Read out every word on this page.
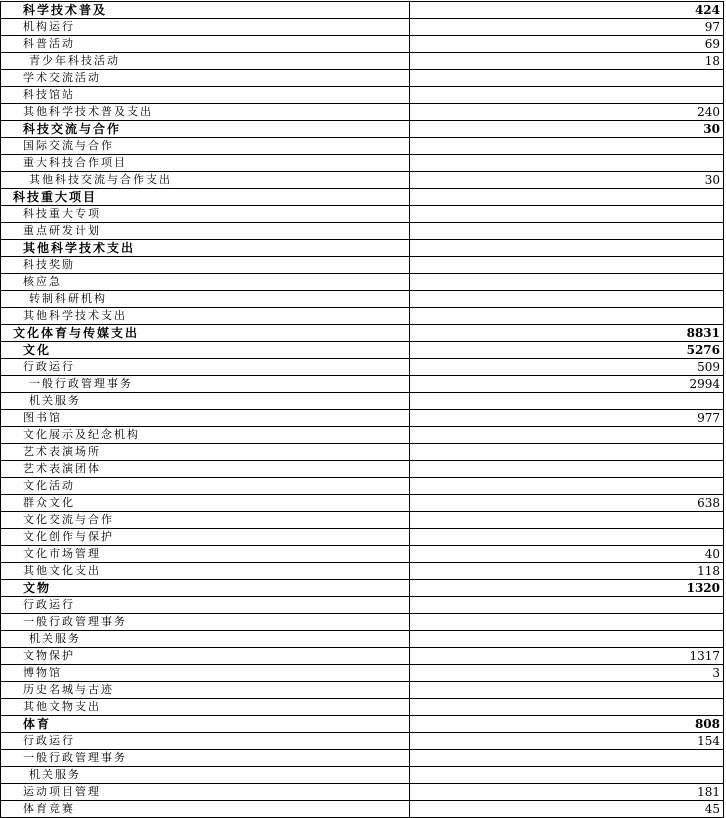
科学技术普及	424
机构运行	97
科普活动	69
青少年科技活动	18
学术交流活动	
科技馆站	
其他科学技术普及支出	240
科技交流与合作	30
国际交流与合作	
重大科技合作项目	
其他科技交流与合作支出	30
科技重大项目	
科技重大专项	
重点研发计划	
其他科学技术支出	
科技奖励	
核应急	
转制科研机构	
其他科学技术支出	
文化体育与传媒支出	8831
文化	5276
行政运行	509
一般行政管理事务	2994
机关服务	
图书馆	977
文化展示及纪念机构	
艺术表演场所	
艺术表演团体	
文化活动	
群众文化	638
文化交流与合作	
文化创作与保护	
文化市场管理	40
其他文化支出	118
文物	1320
行政运行	
一般行政管理事务	
机关服务	
文物保护	1317
博物馆	3
历史名城与古迹	
其他文物支出	
体育	808
行政运行	154
一般行政管理事务	
机关服务	
运动项目管理	181
体育竞赛	45
